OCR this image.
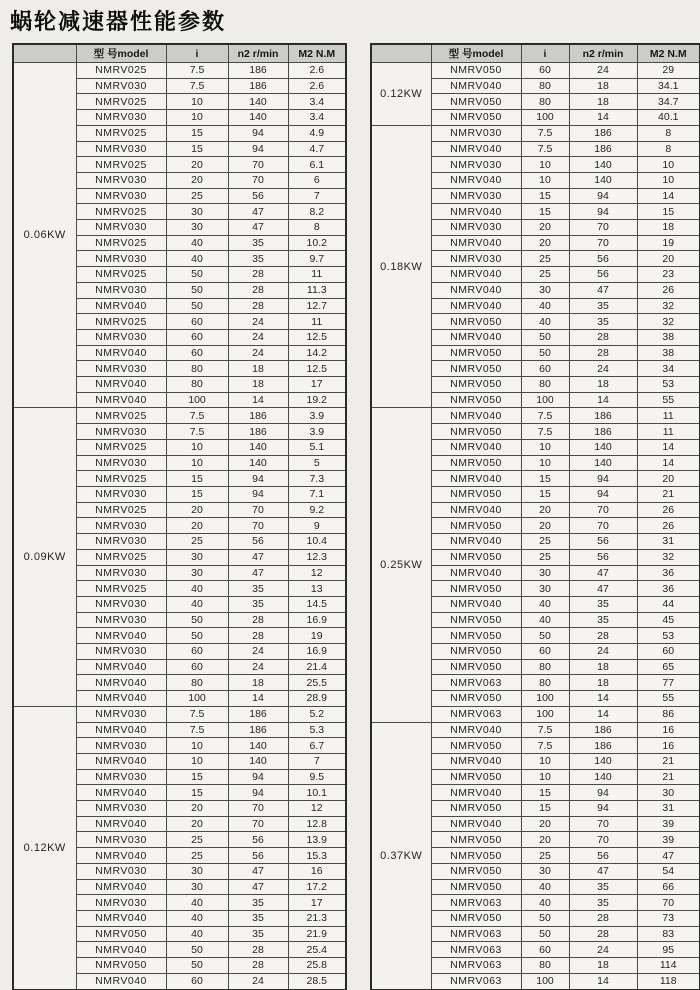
蜗轮减速器性能参数
	型 号model	i	n2 r/min	M2 N.M
0.06KW	NMRV025	7.5	186	2.6
	NMRV030	7.5	186	2.6
	NMRV025	10	140	3.4
	NMRV030	10	140	3.4
	NMRV025	15	94	4.9
	NMRV030	15	94	4.7
	NMRV025	20	70	6.1
	NMRV030	20	70	6
	NMRV030	25	56	7
	NMRV025	30	47	8.2
	NMRV030	30	47	8
	NMRV025	40	35	10.2
	NMRV030	40	35	9.7
	NMRV025	50	28	11
	NMRV030	50	28	11.3
	NMRV040	50	28	12.7
	NMRV025	60	24	11
	NMRV030	60	24	12.5
	NMRV040	60	24	14.2
	NMRV030	80	18	12.5
	NMRV040	80	18	17
	NMRV040	100	14	19.2
0.09KW	NMRV025	7.5	186	3.9
	NMRV030	7.5	186	3.9
	NMRV025	10	140	5.1
	NMRV030	10	140	5
	NMRV025	15	94	7.3
	NMRV030	15	94	7.1
	NMRV025	20	70	9.2
	NMRV030	20	70	9
	NMRV030	25	56	10.4
	NMRV025	30	47	12.3
	NMRV030	30	47	12
	NMRV025	40	35	13
	NMRV030	40	35	14.5
	NMRV030	50	28	16.9
	NMRV040	50	28	19
	NMRV030	60	24	16.9
	NMRV040	60	24	21.4
	NMRV040	80	18	25.5
	NMRV040	100	14	28.9
0.12KW	NMRV030	7.5	186	5.2
	NMRV040	7.5	186	5.3
	NMRV030	10	140	6.7
	NMRV040	10	140	7
	NMRV030	15	94	9.5
	NMRV040	15	94	10.1
	NMRV030	20	70	12
	NMRV040	20	70	12.8
	NMRV030	25	56	13.9
	NMRV040	25	56	15.3
	NMRV030	30	47	16
	NMRV040	30	47	17.2
	NMRV030	40	35	17
	NMRV040	40	35	21.3
	NMRV050	40	35	21.9
	NMRV040	50	28	25.4
	NMRV050	50	28	25.8
	NMRV040	60	24	28.5
	型 号model	i	n2 r/min	M2 N.M
0.12KW	NMRV050	60	24	29
	NMRV040	80	18	34.1
	NMRV050	80	18	34.7
	NMRV050	100	14	40.1
0.18KW	NMRV030	7.5	186	8
	NMRV040	7.5	186	8
	NMRV030	10	140	10
	NMRV040	10	140	10
	NMRV030	15	94	14
	NMRV040	15	94	15
	NMRV030	20	70	18
	NMRV040	20	70	19
	NMRV030	25	56	20
	NMRV040	25	56	23
	NMRV040	30	47	26
	NMRV040	40	35	32
	NMRV050	40	35	32
	NMRV040	50	28	38
	NMRV050	50	28	38
	NMRV050	60	24	34
	NMRV050	80	18	53
	NMRV050	100	14	55
0.25KW	NMRV040	7.5	186	11
	NMRV050	7.5	186	11
	NMRV040	10	140	14
	NMRV050	10	140	14
	NMRV040	15	94	20
	NMRV050	15	94	21
	NMRV040	20	70	26
	NMRV050	20	70	26
	NMRV040	25	56	31
	NMRV050	25	56	32
	NMRV040	30	47	36
	NMRV050	30	47	36
	NMRV040	40	35	44
	NMRV050	40	35	45
	NMRV050	50	28	53
	NMRV050	60	24	60
	NMRV050	80	18	65
	NMRV063	80	18	77
	NMRV050	100	14	55
	NMRV063	100	14	86
0.37KW	NMRV040	7.5	186	16
	NMRV050	7.5	186	16
	NMRV040	10	140	21
	NMRV050	10	140	21
	NMRV040	15	94	30
	NMRV050	15	94	31
	NMRV040	20	70	39
	NMRV050	20	70	39
	NMRV050	25	56	47
	NMRV050	30	47	54
	NMRV050	40	35	66
	NMRV063	40	35	70
	NMRV050	50	28	73
	NMRV063	50	28	83
	NMRV063	60	24	95
	NMRV063	80	18	114
	NMRV063	100	14	118
